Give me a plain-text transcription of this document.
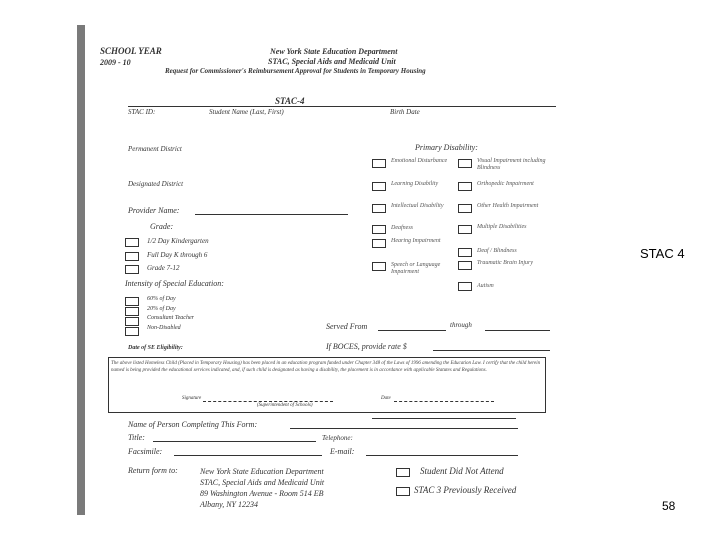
SCHOOL YEAR
2009 - 10
New York State Education Department
STAC, Special Aids and Medicaid Unit
Request for Commissioner's Reimbursement Approval for Students in Temporary Housing
STAC-4
STAC ID:	Student Name (Last, First)	Birth Date
Permanent District
Designated District
Primary Disability:
Emotional Disturbance
Learning Disability
Intellectual Disability
Deafness
Hearing Impairment
Speech or Language Impairment
Visual Impairment including Blindness
Orthopedic Impairment
Other Health Impairment
Multiple Disabilities
Deaf / Blindness
Traumatic Brain Injury
Autism
Provider Name:
Grade:
1/2 Day Kindergarten
Full Day K through 6
Grade 7-12
Intensity of Special Education:
60% of Day
20% of Day
Consultant Teacher
Non-Disabled
Date of SE Eligibility:
Served From	through
If BOCES, provide rate $
The above listed Homeless Child (Placed in Temporary Housing) has been placed in an education program funded under Chapter 348 of the Laws of 1996 amending the Education Law. I certify that the child herein named is being provided the educational services indicated, and, if such child is designated as having a disability, the placement is in accordance with applicable Statutes and Regulations.
Signature
(Superintendent of Schools)
Date
Name of Person Completing This Form:
Title:	Telephone:
Facsimile:	E-mail:
Return form to:	New York State Education Department
STAC, Special Aids and Medicaid Unit
89 Washington Avenue - Room 514 EB
Albany, NY 12234
Student Did Not Attend
STAC 3 Previously Received
STAC 4
58
